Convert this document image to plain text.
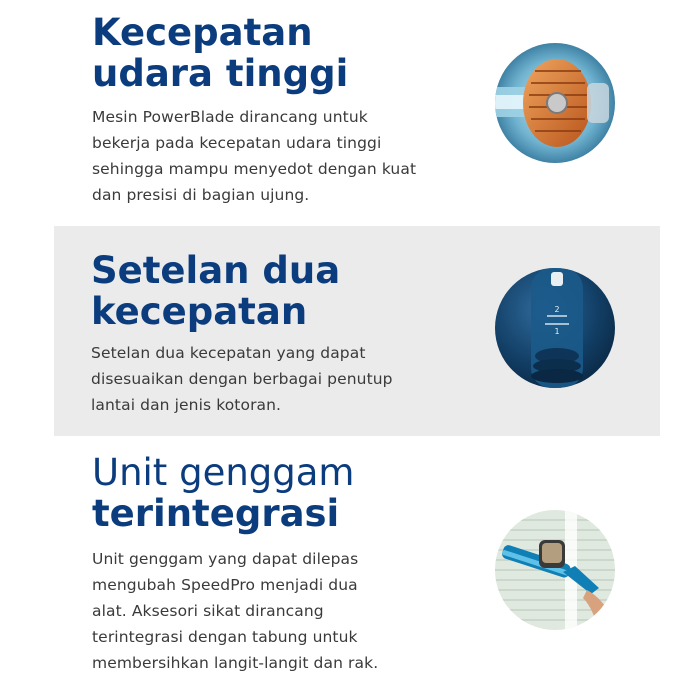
Kecepatan
udara tinggi

Mesin PowerBlade dirancang untuk
bekerja pada kecepatan udara tinggi
sehingga mampu menyedot dengan kuat
dan presisi di bagian ujung.

Setelan dua
kecepatan

Setelan dua kecepatan yang dapat
disesuaikan dengan berbagai penutup
lantai dan jenis kotoran.

2
1
Unit genggam
terintegrasi

Unit genggam yang dapat dilepas
mengubah SpeedPro menjadi dua
alat. Aksesori sikat dirancang
terintegrasi dengan tabung untuk
membersihkan langit-langit dan rak.
